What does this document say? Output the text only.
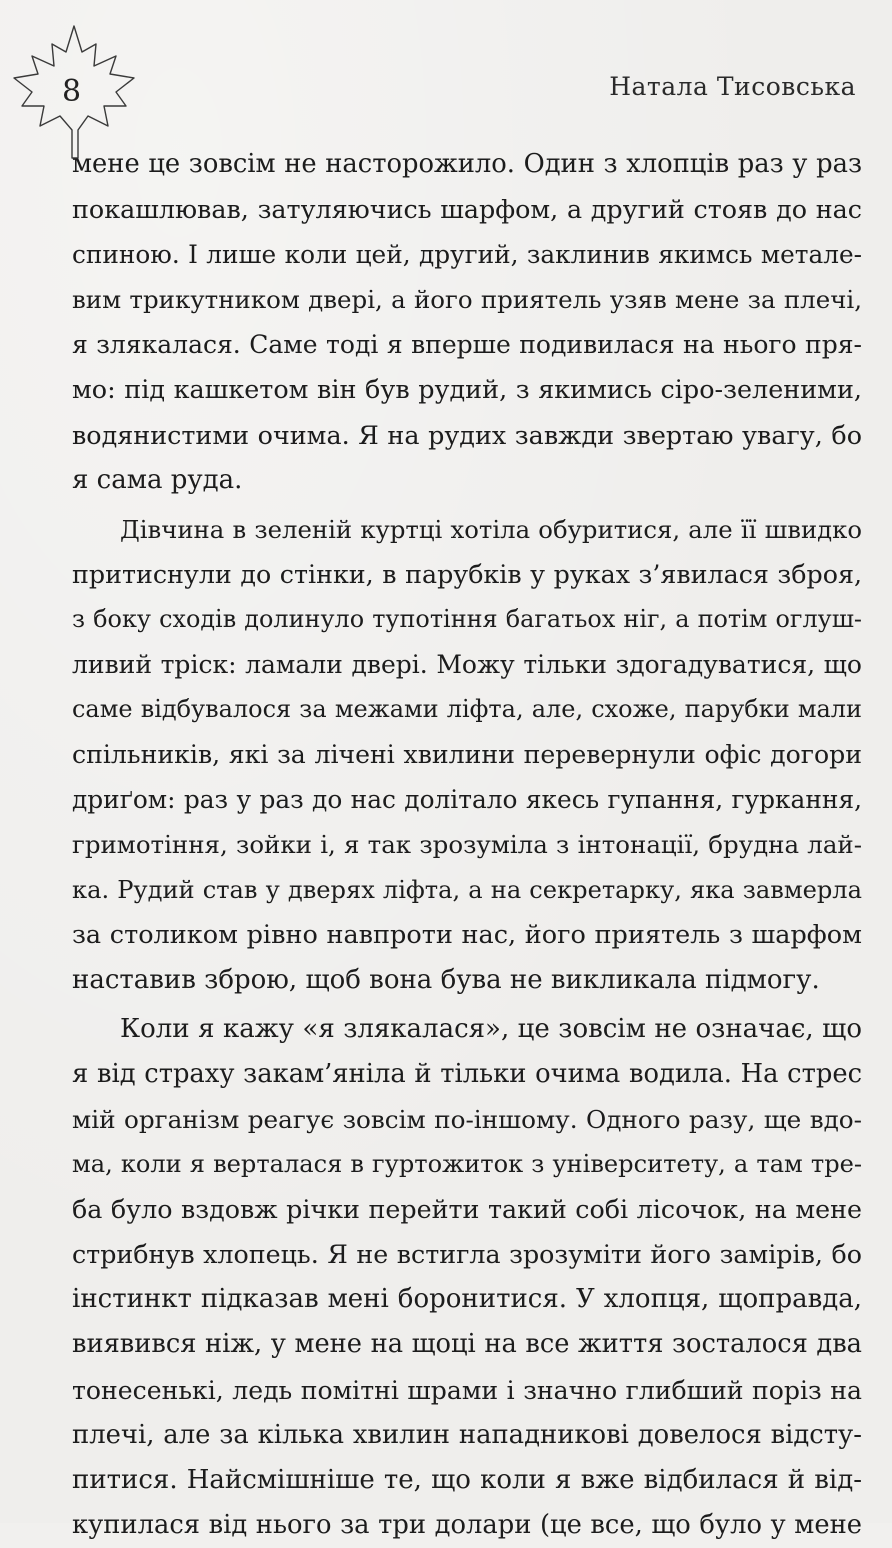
8	Натала Тисовська
мене це зовсім не насторожило. Один з хлопців раз у раз
покашлював, затуляючись шарфом, а другий стояв до нас
спиною. І лише коли цей, другий, заклинив якимсь метале-
вим трикутником двері, а його приятель узяв мене за плечі,
я злякалася. Саме тоді я вперше подивилася на нього пря-
мо: під кашкетом він був рудий, з якимись сіро-зеленими,
водянистими очима. Я на рудих завжди звертаю увагу, бо
я сама руда.
Дівчина в зеленій куртці хотіла обуритися, але її швидко
притиснули до стінки, в парубків у руках з’явилася зброя,
з боку сходів долинуло тупотіння багатьох ніг, а потім оглуш-
ливий тріск: ламали двері. Можу тільки здогадуватися, що
саме відбувалося за межами ліфта, але, схоже, парубки мали
спільників, які за лічені хвилини перевернули офіс догори
дриґом: раз у раз до нас долітало якесь гупання, гуркання,
гримотіння, зойки і, я так зрозуміла з інтонації, брудна лай-
ка. Рудий став у дверях ліфта, а на секретарку, яка завмерла
за столиком рівно навпроти нас, його приятель з шарфом
наставив зброю, щоб вона бува не викликала підмогу.
Коли я кажу «я злякалася», це зовсім не означає, що
я від страху закам’яніла й тільки очима водила. На стрес
мій організм реагує зовсім по-іншому. Одного разу, ще вдо-
ма, коли я верталася в гуртожиток з університету, а там тре-
ба було вздовж річки перейти такий собі лісочок, на мене
стрибнув хлопець. Я не встигла зрозуміти його замірів, бо
інстинкт підказав мені боронитися. У хлопця, щоправда,
виявився ніж, у мене на щоці на все життя зосталося два
тонесенькі, ледь помітні шрами і значно глибший поріз на
плечі, але за кілька хвилин нападникові довелося відсту-
питися. Найсмішніше те, що коли я вже відбилася й від-
купилася від нього за три долари (це все, що було у мене
